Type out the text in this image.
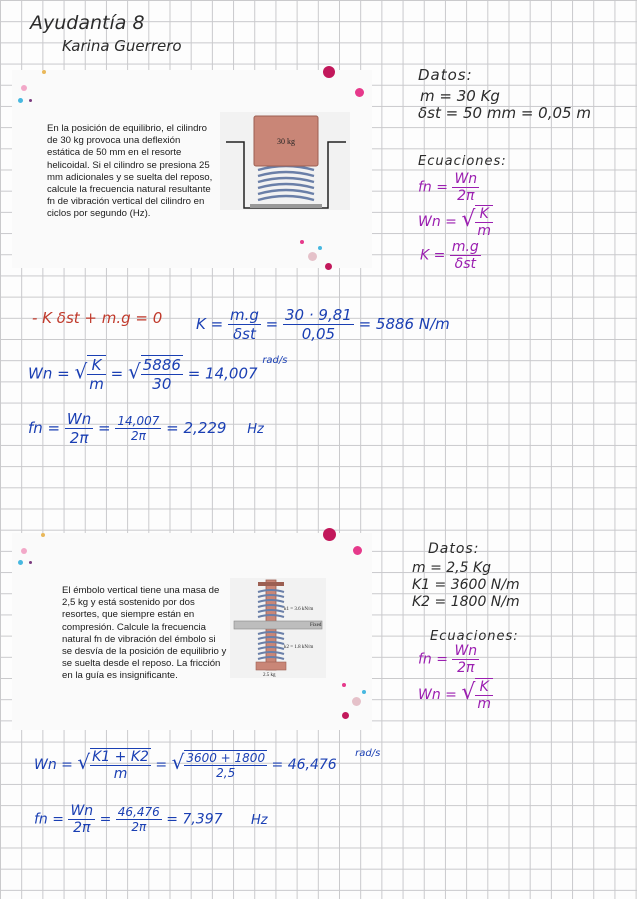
Ayudantía 8
Karina Guerrero
En la posición de equilibrio, el cilindro de 30 kg provoca una deflexión estática de 50 mm en el resorte helicoidal. Si el cilindro se presiona 25 mm adicionales y se suelta del reposo, calcule la frecuencia natural resultante fn de vibración vertical del cilindro en ciclos por segundo (Hz).
30 kg
Datos:
m = 30 Kg
δst = 50 mm = 0,05 m
Ecuaciones:
fn = $\frac{Wn}{2\pi}$
Wn = √ $\frac{K}{m}$
$K = \frac{m.g}{\text{δst}}$
- K δst + m.g = 0 $K = \frac{m.g}{\text{δst}} = \frac{30 \cdot 9,81}{0,05} = 5886$ N/m
Wn = √ $\frac{K}{m}$ = √ $\frac{5886}{30} = 14,007$ $^{rad/s}$
fn = $\frac{Wn}{2\pi} = \frac{14,007}{2\pi} = 2,229$ Hz
El émbolo vertical tiene una masa de 2,5 kg y está sostenido por dos resortes, que siempre están en compresión. Calcule la frecuencia natural fn de vibración del émbolo si se desvía de la posición de equilibrio y se suelta desde el reposo. La fricción en la guía es insignificante.
k1 = 3.6 kN/m
Fixed
k2 = 1.8 kN/m
2.5 kg
Datos:
m = 2,5 Kg
K1 = 3600 N/m
K2 = 1800 N/m
Ecuaciones:
fn = $\frac{Wn}{2\pi}$
Wn = √ $\frac{K}{m}$
Wn = √ $\frac{K1 + K2}{m}$ = √ $\frac{3600 + 1800}{2,5} = 46,476$ $^{rad/s}$
fn = $\frac{Wn}{2\pi} = \frac{46,476}{2\pi} = 7,397$ Hz
